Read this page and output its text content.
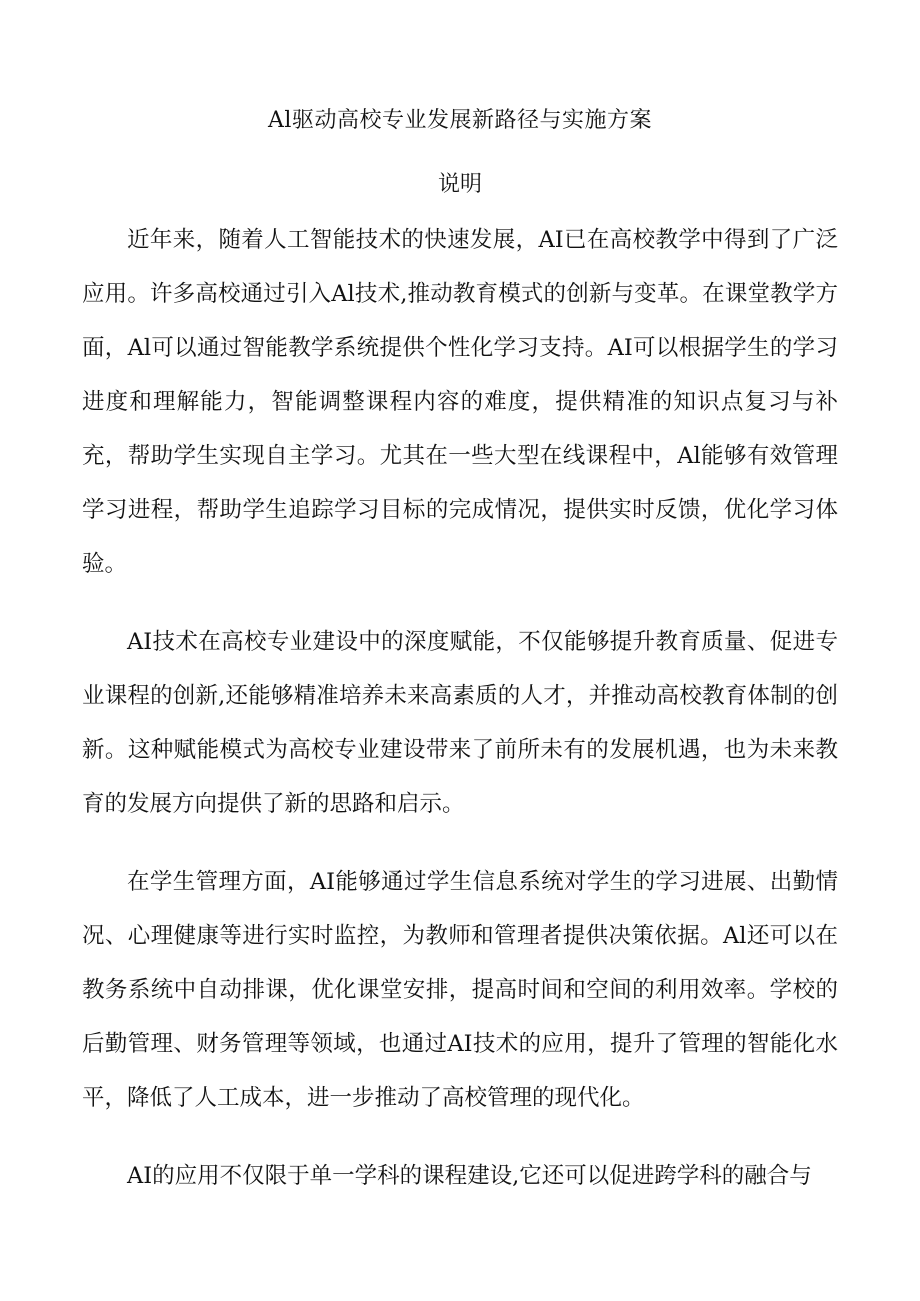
Al驱动高校专业发展新路径与实施方案
说明

近年来，随着人工智能技术的快速发展，AI已在高校教学中得到了广泛应用。许多高校通过引入Al技术,推动教育模式的创新与变革。在课堂教学方面，Al可以通过智能教学系统提供个性化学习支持。AI可以根据学生的学习进度和理解能力，智能调整课程内容的难度，提供精准的知识点复习与补充，帮助学生实现自主学习。尤其在一些大型在线课程中，Al能够有效管理学习进程，帮助学生追踪学习目标的完成情况，提供实时反馈，优化学习体验。

AI技术在高校专业建设中的深度赋能，不仅能够提升教育质量、促进专业课程的创新,还能够精准培养未来高素质的人才，并推动高校教育体制的创新。这种赋能模式为高校专业建设带来了前所未有的发展机遇，也为未来教育的发展方向提供了新的思路和启示。

在学生管理方面，AI能够通过学生信息系统对学生的学习进展、出勤情况、心理健康等进行实时监控，为教师和管理者提供决策依据。Al还可以在教务系统中自动排课，优化课堂安排，提高时间和空间的利用效率。学校的后勤管理、财务管理等领域，也通过AI技术的应用，提升了管理的智能化水平，降低了人工成本，进一步推动了高校管理的现代化。

AI的应用不仅限于单一学科的课程建设,它还可以促进跨学科的融合与
